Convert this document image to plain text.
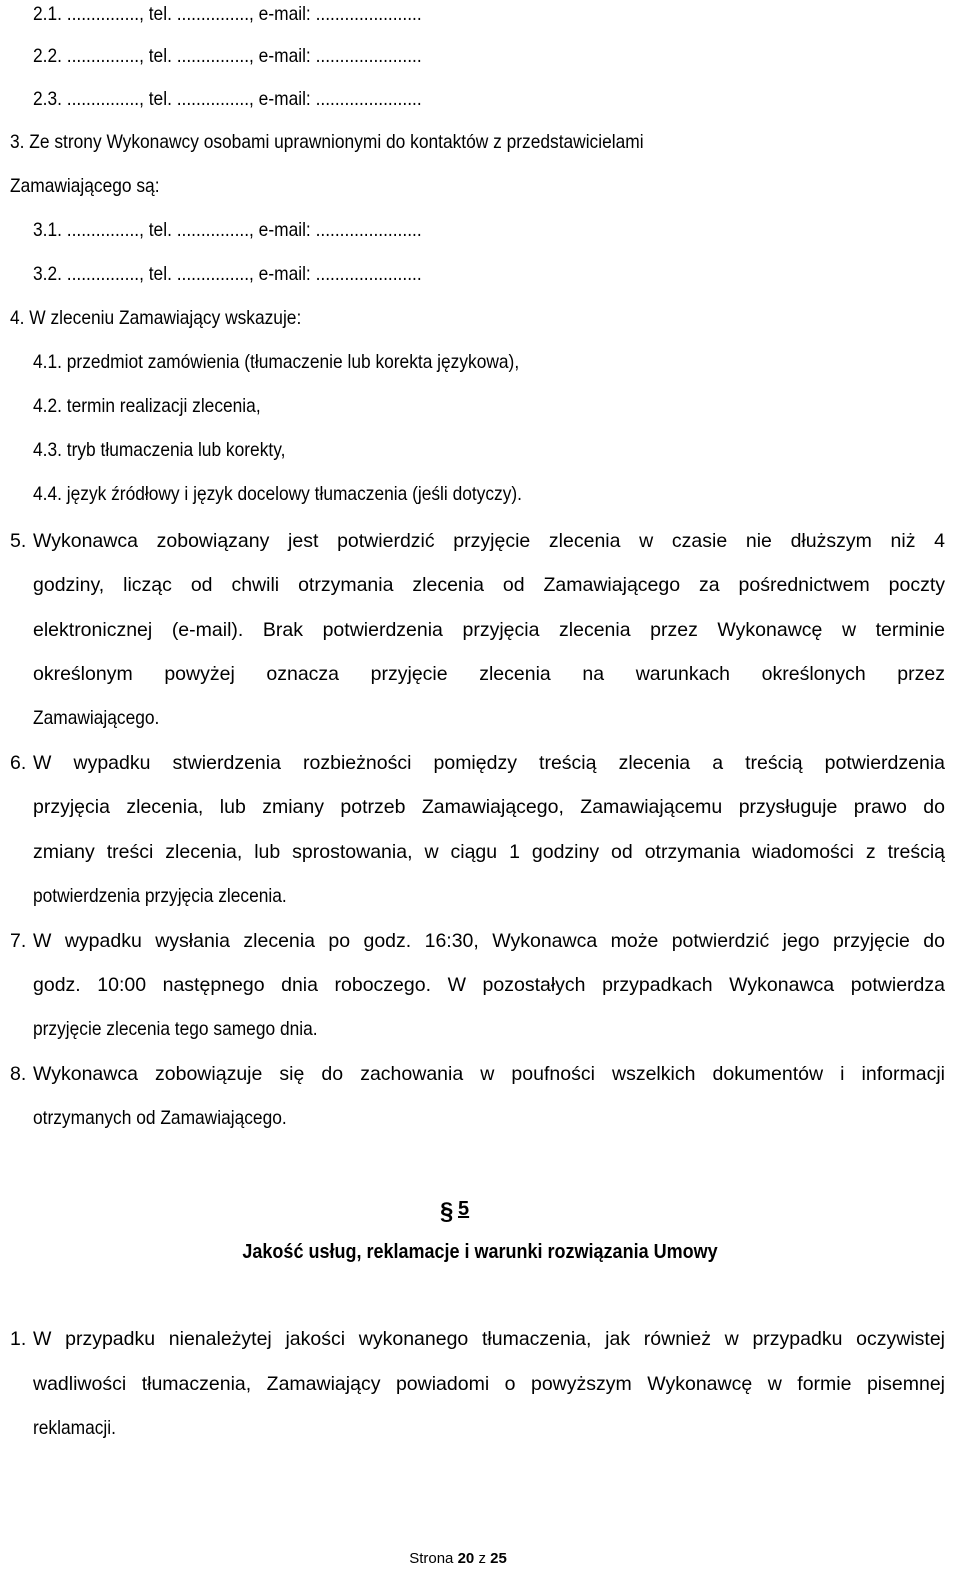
2.1. ..............., tel. ..............., e-mail: ......................
2.2. ..............., tel. ..............., e-mail: ......................
2.3. ..............., tel. ..............., e-mail: ......................
3. Ze strony Wykonawcy osobami uprawnionymi do kontaktów z przedstawicielami
Zamawiającego są:
3.1. ..............., tel. ..............., e-mail: ......................
3.2. ..............., tel. ..............., e-mail: ......................
4. W zleceniu Zamawiający wskazuje:
4.1. przedmiot zamówienia (tłumaczenie lub korekta językowa),
4.2. termin realizacji zlecenia,
4.3. tryb tłumaczenia lub korekty,
4.4. język źródłowy i język docelowy tłumaczenia (jeśli dotyczy).
5. Wykonawca zobowiązany jest potwierdzić przyjęcie zlecenia w czasie nie dłuższym niż 4
godziny, licząc od chwili otrzymania zlecenia od Zamawiającego za pośrednictwem poczty
elektronicznej (e-mail). Brak potwierdzenia przyjęcia zlecenia przez Wykonawcę w terminie
określonym powyżej oznacza przyjęcie zlecenia na warunkach określonych przez
Zamawiającego.
6. W wypadku stwierdzenia rozbieżności pomiędzy treścią zlecenia a treścią potwierdzenia
przyjęcia zlecenia, lub zmiany potrzeb Zamawiającego, Zamawiającemu przysługuje prawo do
zmiany treści zlecenia, lub sprostowania, w ciągu 1 godziny od otrzymania wiadomości z treścią
potwierdzenia przyjęcia zlecenia.
7. W wypadku wysłania zlecenia po godz. 16:30, Wykonawca może potwierdzić jego przyjęcie do
godz. 10:00 następnego dnia roboczego. W pozostałych przypadkach Wykonawca potwierdza
przyjęcie zlecenia tego samego dnia.
8. Wykonawca zobowiązuje się do zachowania w poufności wszelkich dokumentów i informacji
otrzymanych od Zamawiającego.
§ 5
Jakość usług, reklamacje i warunki rozwiązania Umowy
1. W przypadku nienależytej jakości wykonanego tłumaczenia, jak również w przypadku oczywistej
wadliwości tłumaczenia, Zamawiający powiadomi o powyższym Wykonawcę w formie pisemnej
reklamacji.
Strona 20 z 25
